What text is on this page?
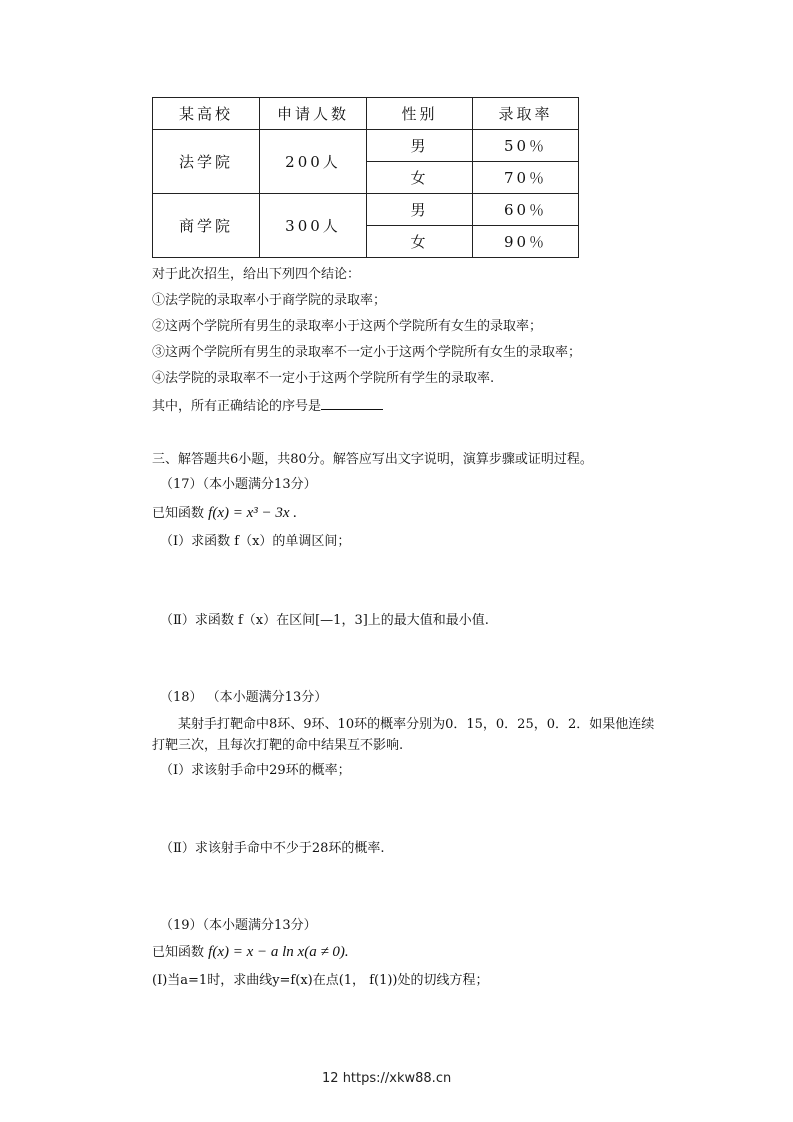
某高校	申请人数	性别	录取率
法学院	200人	男	50％
		女	70％
商学院	300人	男	60％
		女	90％
对于此次招生，给出下列四个结论：
①法学院的录取率小于商学院的录取率；
②这两个学院所有男生的录取率小于这两个学院所有女生的录取率；
③这两个学院所有男生的录取率不一定小于这两个学院所有女生的录取率；
④法学院的录取率不一定小于这两个学院所有学生的录取率.
其中，所有正确结论的序号是
三、解答题共6小题，共80分。解答应写出文字说明，演算步骤或证明过程。
（17）（本小题满分13分）
已知函数 f(x) = x³ − 3x .
（Ⅰ）求函数 f（x）的单调区间；
（Ⅱ）求函数 f（x）在区间[—1，3]上的最大值和最小值.
（18） （本小题满分13分）
某射手打靶命中8环、9环、10环的概率分别为0．15，0．25，0．2．如果他连续
打靶三次，且每次打靶的命中结果互不影响.
（Ⅰ）求该射手命中29环的概率；
（Ⅱ）求该射手命中不少于28环的概率.
（19）（本小题满分13分）
已知函数 f(x) = x − a ln x(a ≠ 0).
(Ⅰ)当a=1时，求曲线y=f(x)在点(1， f(1))处的切线方程；
12 https://xkw88.cn
